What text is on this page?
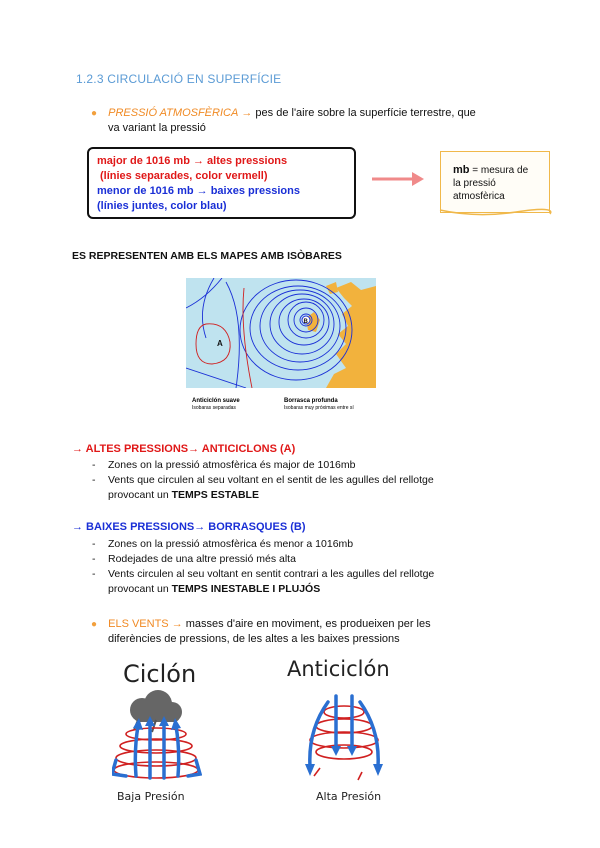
1.2.3 CIRCULACIÓ EN SUPERFÍCIE
● PRESSIÓ ATMOSFÈRICA → pes de l'aire sobre la superfície terrestre, que
va variant la pressió
major de 1016 mb → altes pressions
(línies separades, color vermell)
menor de 1016 mb → baixes pressions
(línies juntes, color blau)
mb = mesura de
la pressió
atmosfèrica
ES REPRESENTEN AMB ELS MAPES AMB ISÒBARES
A
B
Anticiclón suave
Isobaras separadas
Borrasca profunda
Isobaras muy próximas entre sí
→ ALTES PRESSIONS→ ANTICICLONS (A)
- Zones on la pressió atmosfèrica és major de 1016mb
- Vents que circulen al seu voltant en el sentit de les agulles del rellotge
provocant un TEMPS ESTABLE
→ BAIXES PRESSIONS→ BORRASQUES (B)
- Zones on la pressió atmosfèrica és menor a 1016mb
- Rodejades de una altre pressió més alta
- Vents circulen al seu voltant en sentit contrari a les agulles del rellotge
provocant un TEMPS INESTABLE I PLUJÓS
● ELS VENTS → masses d'aire en moviment, es produeixen per les
diferències de pressions, de les altes a les baixes pressions
Ciclón
Baja Presión
Anticiclón
Alta Presión
